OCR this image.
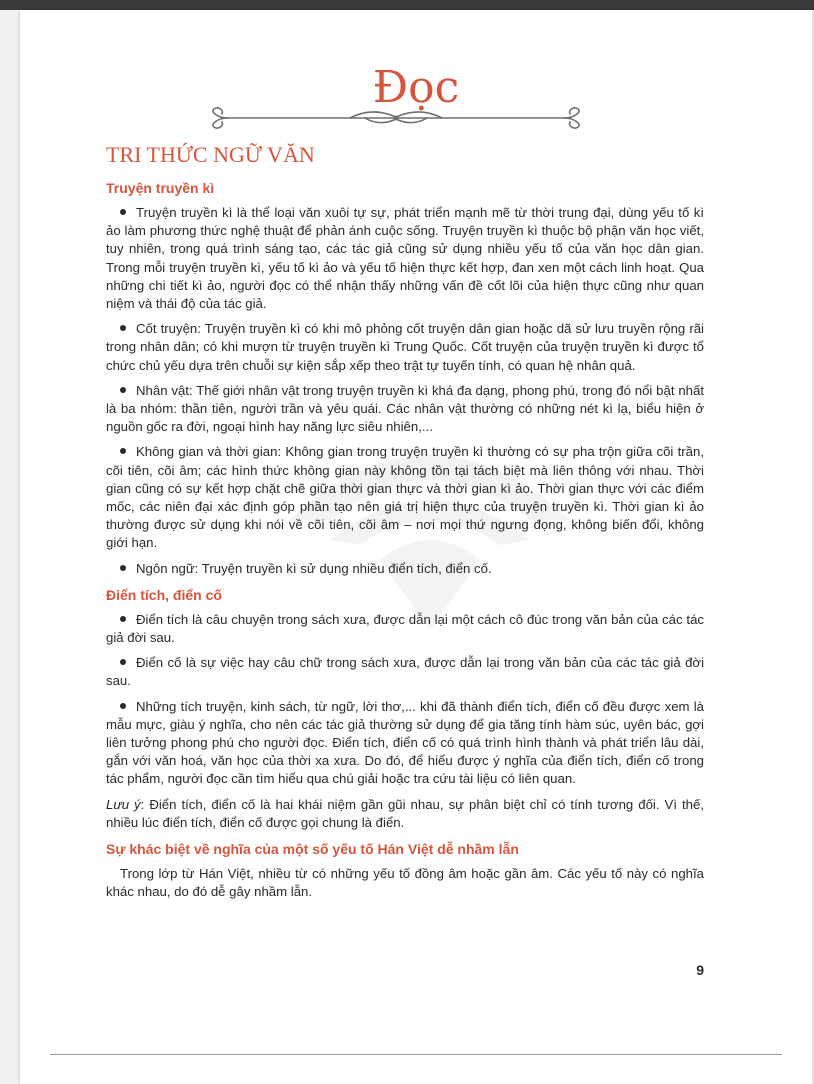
Đọc
TRI THỨC NGỮ VĂN
Truyện truyền kì

Truyện truyền kì là thể loại văn xuôi tự sự, phát triển mạnh mẽ từ thời trung đại, dùng yếu tố kì ảo làm phương thức nghệ thuật để phản ánh cuộc sống. Truyện truyền kì thuộc bộ phận văn học viết, tuy nhiên, trong quá trình sáng tạo, các tác giả cũng sử dụng nhiều yếu tố của văn học dân gian. Trong mỗi truyện truyền kì, yếu tố kì ảo và yếu tố hiện thực kết hợp, đan xen một cách linh hoạt. Qua những chi tiết kì ảo, người đọc có thể nhận thấy những vấn đề cốt lõi của hiện thực cũng như quan niệm và thái độ của tác giả.

Cốt truyện: Truyện truyền kì có khi mô phỏng cốt truyện dân gian hoặc dã sử lưu truyền rộng rãi trong nhân dân; có khi mượn từ truyện truyền kì Trung Quốc. Cốt truyện của truyện truyền kì được tổ chức chủ yếu dựa trên chuỗi sự kiện sắp xếp theo trật tự tuyến tính, có quan hệ nhân quả.

Nhân vật: Thế giới nhân vật trong truyện truyền kì khá đa dạng, phong phú, trong đó nổi bật nhất là ba nhóm: thần tiên, người trần và yêu quái. Các nhân vật thường có những nét kì lạ, biểu hiện ở nguồn gốc ra đời, ngoại hình hay năng lực siêu nhiên,...

Không gian và thời gian: Không gian trong truyện truyền kì thường có sự pha trộn giữa cõi trần, cõi tiên, cõi âm; các hình thức không gian này không tồn tại tách biệt mà liên thông với nhau. Thời gian cũng có sự kết hợp chặt chẽ giữa thời gian thực và thời gian kì ảo. Thời gian thực với các điểm mốc, các niên đại xác định góp phần tạo nên giá trị hiện thực của truyện truyền kì. Thời gian kì ảo thường được sử dụng khi nói về cõi tiên, cõi âm – nơi mọi thứ ngưng đọng, không biến đổi, không giới hạn.

Ngôn ngữ: Truyện truyền kì sử dụng nhiều điển tích, điển cố.

Điển tích, điển cố

Điển tích là câu chuyện trong sách xưa, được dẫn lại một cách cô đúc trong văn bản của các tác giả đời sau.

Điển cố là sự việc hay câu chữ trong sách xưa, được dẫn lại trong văn bản của các tác giả đời sau.

Những tích truyện, kinh sách, từ ngữ, lời thơ,... khi đã thành điển tích, điển cố đều được xem là mẫu mực, giàu ý nghĩa, cho nên các tác giả thường sử dụng để gia tăng tính hàm súc, uyên bác, gợi liên tưởng phong phú cho người đọc. Điển tích, điển cố có quá trình hình thành và phát triển lâu dài, gắn với văn hoá, văn học của thời xa xưa. Do đó, để hiểu được ý nghĩa của điển tích, điển cố trong tác phẩm, người đọc cần tìm hiểu qua chú giải hoặc tra cứu tài liệu có liên quan.

Lưu ý: Điển tích, điển cố là hai khái niệm gần gũi nhau, sự phân biệt chỉ có tính tương đối. Vì thế, nhiều lúc điển tích, điển cố được gọi chung là điển.

Sự khác biệt về nghĩa của một số yếu tố Hán Việt dễ nhầm lẫn

Trong lớp từ Hán Việt, nhiều từ có những yếu tố đồng âm hoặc gần âm. Các yếu tố này có nghĩa khác nhau, do đó dễ gây nhầm lẫn.

9
